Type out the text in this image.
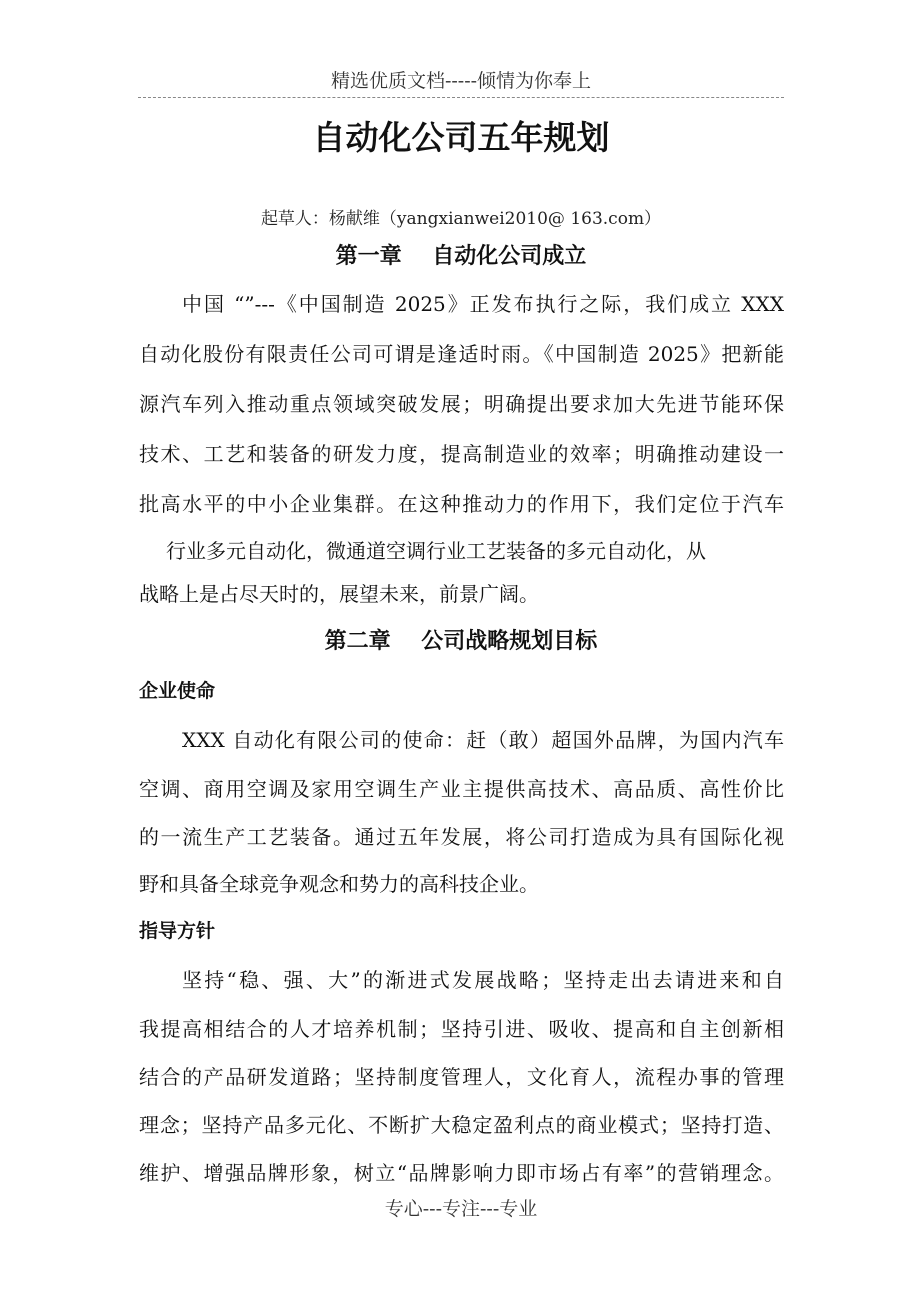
精选优质文档-----倾情为你奉上
自动化公司五年规划
起草人：杨献维（yangxianwei2010@ 163.com）
第一章    自动化公司成立
中国 “”---《中国制造 2025》正发布执行之际，我们成立 XXX
自动化股份有限责任公司可谓是逢适时雨。《中国制造 2025》把新能
源汽车列入推动重点领域突破发展；明确提出要求加大先进节能环保
技术、工艺和装备的研发力度，提高制造业的效率；明确推动建设一
批高水平的中小企业集群。在这种推动力的作用下，我们定位于汽车
行业多元自动化，微通道空调行业工艺装备的多元自动化，从
战略上是占尽天时的，展望未来，前景广阔。
第二章    公司战略规划目标
企业使命
XXX 自动化有限公司的使命：赶（敢）超国外品牌，为国内汽车
空调、商用空调及家用空调生产业主提供高技术、高品质、高性价比
的一流生产工艺装备。通过五年发展，将公司打造成为具有国际化视
野和具备全球竞争观念和势力的高科技企业。
指导方针
坚持“稳、强、大”的渐进式发展战略；坚持走出去请进来和自
我提高相结合的人才培养机制；坚持引进、吸收、提高和自主创新相
结合的产品研发道路；坚持制度管理人，文化育人，流程办事的管理
理念；坚持产品多元化、不断扩大稳定盈利点的商业模式；坚持打造、
维护、增强品牌形象，树立“品牌影响力即市场占有率”的营销理念。
专心---专注---专业
